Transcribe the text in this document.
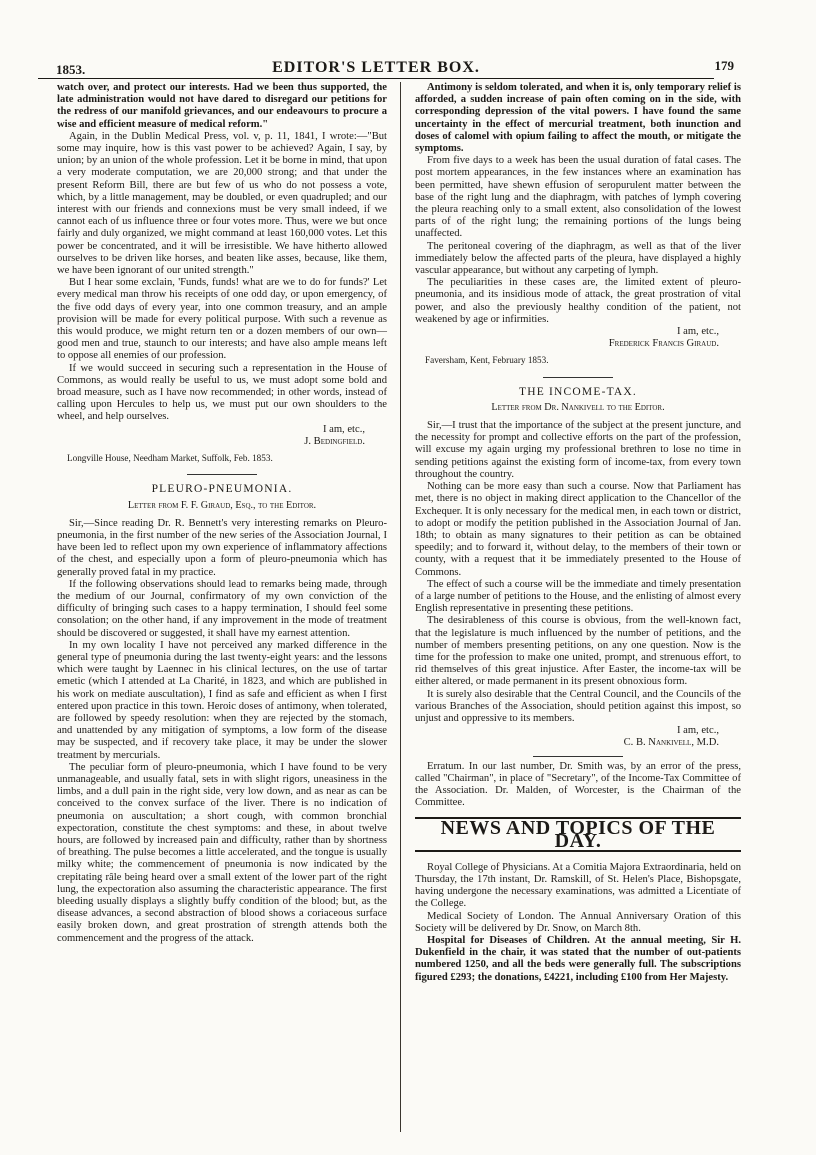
1853.	EDITOR'S LETTER BOX.	179

watch over, and protect our interests. Had we been thus supported, the late administration would not have dared to disregard our petitions for the redress of our manifold grievances, and our endeavours to procure a wise and efficient measure of medical reform."

Again, in the Dublin Medical Press, vol. v, p. 11, 1841, I wrote:—"But some may inquire, how is this vast power to be achieved? Again, I say, by union; by an union of the whole profession. Let it be borne in mind, that upon a very moderate computation, we are 20,000 strong; and that under the present Reform Bill, there are but few of us who do not possess a vote, which, by a little management, may be doubled, or even quadrupled; and our interest with our friends and connexions must be very small indeed, if we cannot each of us influence three or four votes more. Thus, were we but once fairly and duly organized, we might command at least 160,000 votes. Let this power be concentrated, and it will be irresistible. We have hitherto allowed ourselves to be driven like horses, and beaten like asses, because, like them, we have been ignorant of our united strength."

But I hear some exclain, 'Funds, funds! what are we to do for funds?' Let every medical man throw his receipts of one odd day, or upon emergency, of the five odd days of every year, into one common treasury, and an ample provision will be made for every political purpose. With such a revenue as this would produce, we might return ten or a dozen members of our own—good men and true, staunch to our interests; and have also ample means left to oppose all enemies of our profession.

If we would succeed in securing such a representation in the House of Commons, as would really be useful to us, we must adopt some bold and broad measure, such as I have now recommended; in other words, instead of calling upon Hercules to help us, we must put our own shoulders to the wheel, and help ourselves.

I am, etc.,

J. Bedingfield.

Longville House, Needham Market, Suffolk, Feb. 1853.

PLEURO-PNEUMONIA.
Letter from F. F. Giraud, Esq., to the Editor.

Sir,—Since reading Dr. R. Bennett's very interesting remarks on Pleuro-pneumonia, in the first number of the new series of the Association Journal, I have been led to reflect upon my own experience of inflammatory affections of the chest, and especially upon a form of pleuro-pneumonia which has generally proved fatal in my practice.

If the following observations should lead to remarks being made, through the medium of our Journal, confirmatory of my own conviction of the difficulty of bringing such cases to a happy termination, I should feel some consolation; on the other hand, if any improvement in the mode of treatment should be discovered or suggested, it shall have my earnest attention.

In my own locality I have not perceived any marked difference in the general type of pneumonia during the last twenty-eight years: and the lessons which were taught by Laennec in his clinical lectures, on the use of tartar emetic (which I attended at La Charité, in 1823, and which are published in his work on mediate auscultation), I find as safe and efficient as when I first entered upon practice in this town. Heroic doses of antimony, when tolerated, are followed by speedy resolution: when they are rejected by the stomach, and unattended by any mitigation of symptoms, a low form of the disease may be suspected, and if recovery take place, it may be under the slower treatment by mercurials.

The peculiar form of pleuro-pneumonia, which I have found to be very unmanageable, and usually fatal, sets in with slight rigors, uneasiness in the limbs, and a dull pain in the right side, very low down, and as near as can be conceived to the convex surface of the liver. There is no indication of pneumonia on auscultation; a short cough, with common bronchial expectoration, constitute the chest symptoms: and these, in about twelve hours, are followed by increased pain and difficulty, rather than by shortness of breathing. The pulse becomes a little accelerated, and the tongue is usually milky white; the commencement of pneumonia is now indicated by the crepitating râle being heard over a small extent of the lower part of the right lung, the expectoration also assuming the characteristic appearance. The first bleeding usually displays a slightly buffy condition of the blood; but, as the disease advances, a second abstraction of blood shows a coriaceous surface easily broken down, and great prostration of strength attends both the commencement and the progress of the attack.

Antimony is seldom tolerated, and when it is, only temporary relief is afforded, a sudden increase of pain often coming on in the side, with corresponding depression of the vital powers. I have found the same uncertainty in the effect of mercurial treatment, both inunction and doses of calomel with opium failing to affect the mouth, or mitigate the symptoms.

From five days to a week has been the usual duration of fatal cases. The post mortem appearances, in the few instances where an examination has been permitted, have shewn effusion of seropurulent matter between the base of the right lung and the diaphragm, with patches of lymph covering the pleura reaching only to a small extent, also consolidation of the lowest parts of of the right lung; the remaining portions of the lungs being unaffected.

The peritoneal covering of the diaphragm, as well as that of the liver immediately below the affected parts of the pleura, have displayed a highly vascular appearance, but without any carpeting of lymph.

The peculiarities in these cases are, the limited extent of pleuro-pneumonia, and its insidious mode of attack, the great prostration of vital power, and also the previously healthy condition of the patient, not weakened by age or infirmities.

I am, etc.,

Frederick Francis Giraud.

Faversham, Kent, February 1853.

THE INCOME-TAX.
Letter from Dr. Nankivell to the Editor.

Sir,—I trust that the importance of the subject at the present juncture, and the necessity for prompt and collective efforts on the part of the profession, will excuse my again urging my professional brethren to lose no time in sending petitions against the existing form of income-tax, from every town throughout the country.

Nothing can be more easy than such a course. Now that Parliament has met, there is no object in making direct application to the Chancellor of the Exchequer. It is only necessary for the medical men, in each town or district, to adopt or modify the petition published in the Association Journal of Jan. 18th; to obtain as many signatures to their petition as can be obtained speedily; and to forward it, without delay, to the members of their town or county, with a request that it be immediately presented to the House of Commons.

The effect of such a course will be the immediate and timely presentation of a large number of petitions to the House, and the enlisting of almost every English representative in presenting these petitions.

The desirableness of this course is obvious, from the well-known fact, that the legislature is much influenced by the number of petitions, and the number of members presenting petitions, on any one question. Now is the time for the profession to make one united, prompt, and strenuous effort, to rid themselves of this great injustice. After Easter, the income-tax will be either altered, or made permanent in its present obnoxious form.

It is surely also desirable that the Central Council, and the Councils of the various Branches of the Association, should petition against this impost, so unjust and oppressive to its members.

I am, etc.,

C. B. Nankivell, M.D.

Erratum. In our last number, Dr. Smith was, by an error of the press, called "Chairman", in place of "Secretary", of the Income-Tax Committee of the Association. Dr. Malden, of Worcester, is the Chairman of the Committee.

NEWS AND TOPICS OF THE DAY.

Royal College of Physicians. At a Comitia Majora Extraordinaria, held on Thursday, the 17th instant, Dr. Ramskill, of St. Helen's Place, Bishopsgate, having undergone the necessary examinations, was admitted a Licentiate of the College.

Medical Society of London. The Annual Anniversary Oration of this Society will be delivered by Dr. Snow, on March 8th.

Hospital for Diseases of Children. At the annual meeting, Sir H. Dukenfield in the chair, it was stated that the number of out-patients numbered 1250, and all the beds were generally full. The subscriptions figured £293; the donations, £4221, including £100 from Her Majesty.
